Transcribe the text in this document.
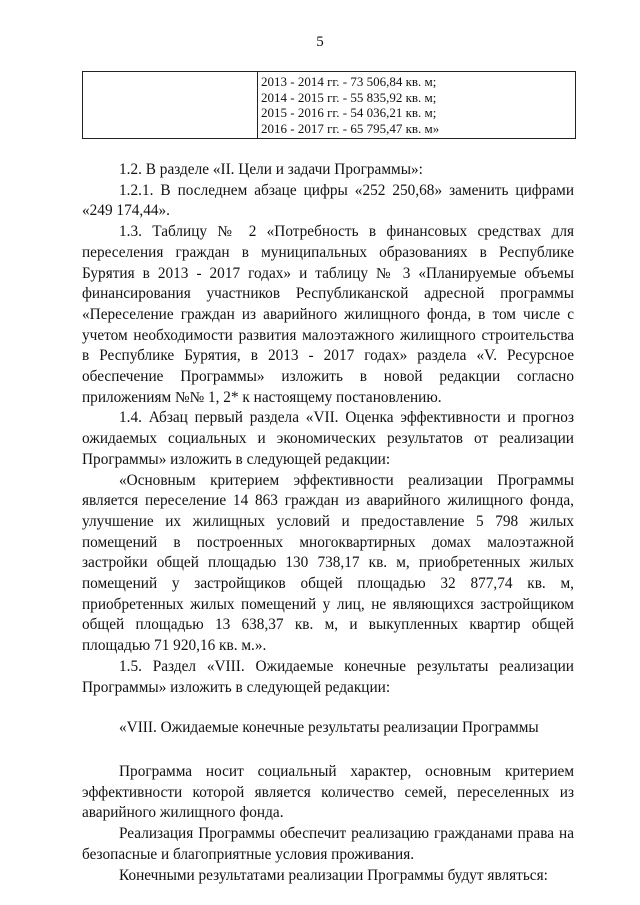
5
2013 - 2014 гг. - 73 506,84 кв. м;
2014 - 2015 гг. - 55 835,92 кв. м;
2015 - 2016 гг. - 54 036,21 кв. м;
2016 - 2017 гг. - 65 795,47 кв. м»

1.2. В разделе «II. Цели и задачи Программы»:

1.2.1. В последнем абзаце цифры «252 250,68» заменить цифрами «249 174,44».

1.3. Таблицу № 2 «Потребность в финансовых средствах для переселения граждан в муниципальных образованиях в Республике Бурятия в 2013 - 2017 годах» и таблицу № 3 «Планируемые объемы финансирования участников Республиканской адресной программы «Переселение граждан из аварийного жилищного фонда, в том числе с учетом необходимости развития малоэтажного жилищного строительства в Республике Бурятия, в 2013 - 2017 годах» раздела «V. Ресурсное обеспечение Программы» изложить в новой редакции согласно приложениям №№ 1, 2* к настоящему постановлению.

1.4. Абзац первый раздела «VII. Оценка эффективности и прогноз ожидаемых социальных и экономических результатов от реализации Программы» изложить в следующей редакции:

«Основным критерием эффективности реализации Программы является переселение 14 863 граждан из аварийного жилищного фонда, улучшение их жилищных условий и предоставление 5 798 жилых помещений в построенных многоквартирных домах малоэтажной застройки общей площадью 130 738,17 кв. м, приобретенных жилых помещений у застройщиков общей площадью 32 877,74 кв. м, приобретенных жилых помещений у лиц, не являющихся застройщиком общей площадью 13 638,37 кв. м, и выкупленных квартир общей площадью 71 920,16 кв. м.».

1.5. Раздел «VIII. Ожидаемые конечные результаты реализации Программы» изложить в следующей редакции:

«VIII. Ожидаемые конечные результаты реализации Программы

Программа носит социальный характер, основным критерием эффективности которой является количество семей, переселенных из аварийного жилищного фонда.

Реализация Программы обеспечит реализацию гражданами права на безопасные и благоприятные условия проживания.

Конечными результатами реализации Программы будут являться:
